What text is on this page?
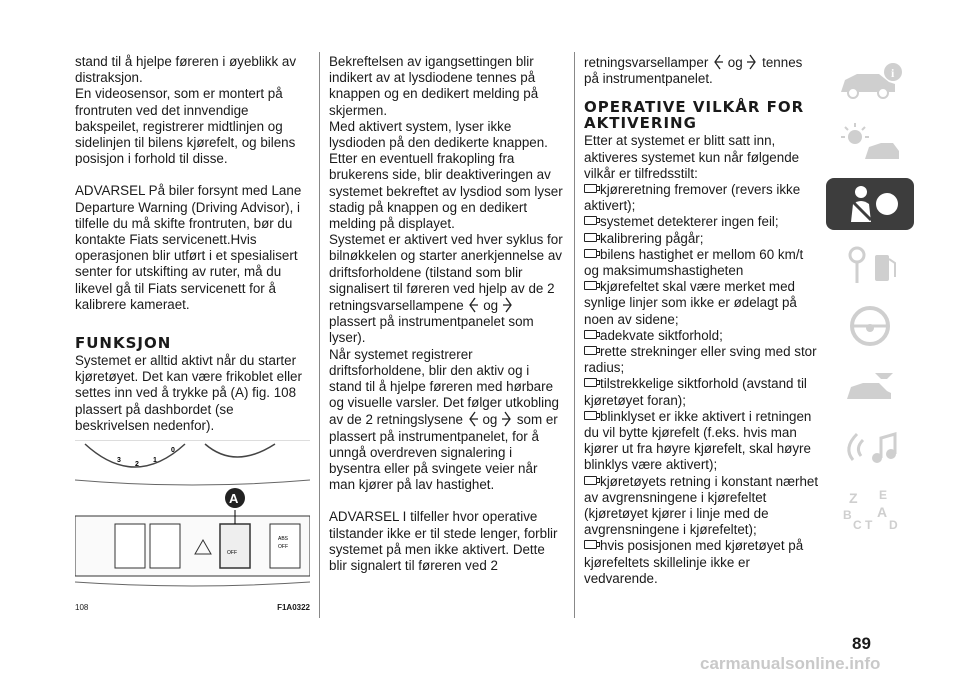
stand til å hjelpe føreren i øyeblikk av distraksjon.

En videosensor, som er montert på frontruten ved det innvendige bakspeilet, registrerer midtlinjen og sidelinjen til bilens kjørefelt, og bilens posisjon i forhold til disse.

ADVARSEL På biler forsynt med Lane Departure Warning (Driving Advisor), i tilfelle du må skifte frontruten, bør du kontakte Fiats servicenett.Hvis operasjonen blir utført i et spesialisert senter for utskifting av ruter, må du likevel gå til Fiats servicenett for å kalibrere kameraet.

FUNKSJON

Systemet er alltid aktivt når du starter kjøretøyet. Det kan være frikoblet eller settes inn ved å trykke på (A) fig. 108 plassert på dashbordet (se beskrivelsen nedenfor).

3
2
1
0
OFF
ABS
OFF
A
108	F1A0322

Bekreftelsen av igangsettingen blir indikert av at lysdiodene tennes på knappen og en dedikert melding på skjermen.

Med aktivert system, lyser ikke lysdioden på den dedikerte knappen. Etter en eventuell frakopling fra brukerens side, blir deaktiveringen av systemet bekreftet av lysdiod som lyser stadig på knappen og en dedikert melding på displayet.

Systemet er aktivert ved hver syklus for bilnøkkelen og starter anerkjennelse av driftsforholdene (tilstand som blir signalisert til føreren ved hjelp av de 2 retningsvarsellampene og  plassert på instrumentpanelet som lyser).

Når systemet registrerer driftsforholdene, blir den aktiv og i stand til å hjelpe føreren med hørbare og visuelle varsler. Det følger utkobling av de 2 retningslysene og som er plassert på instrumentpanelet, for å unngå overdreven signalering i bysentra eller på svingete veier når man kjører på lav hastighet.

ADVARSEL I tilfeller hvor operative tilstander ikke er til stede lenger, forblir systemet på men ikke aktivert. Dette blir signalert til føreren ved 2

retningsvarsellamper og tennes på instrumentpanelet.

OPERATIVE VILKÅR FOR AKTIVERING

Etter at systemet er blitt satt inn, aktiveres systemet kun når følgende vilkår er tilfredsstilt:

kjøreretning fremover (revers ikke aktivert);

systemet detekterer ingen feil;

kalibrering pågår;

bilens hastighet er mellom 60 km/t og maksimumshastigheten

kjørefeltet skal være merket med synlige linjer som ikke er ødelagt på noen av sidene;

adekvate siktforhold;

rette strekninger eller sving med stor radius;

tilstrekkelige siktforhold (avstand til kjøretøyet foran);

blinklyset er ikke aktivert i retningen du vil bytte kjørefelt (f.eks. hvis man kjører ut fra høyre kjørefelt, skal høyre blinklys være aktivert);

kjøretøyets retning i konstant nærhet av avgrensningene i kjørefeltet (kjøretøyet kjører i linje med de avgrensningene i kjørefeltet);

hvis posisjonen med kjøretøyet på kjørefeltets skillelinje ikke er vedvarende.

i
Z E
B A
C T D
89
carmanualsonline.info
